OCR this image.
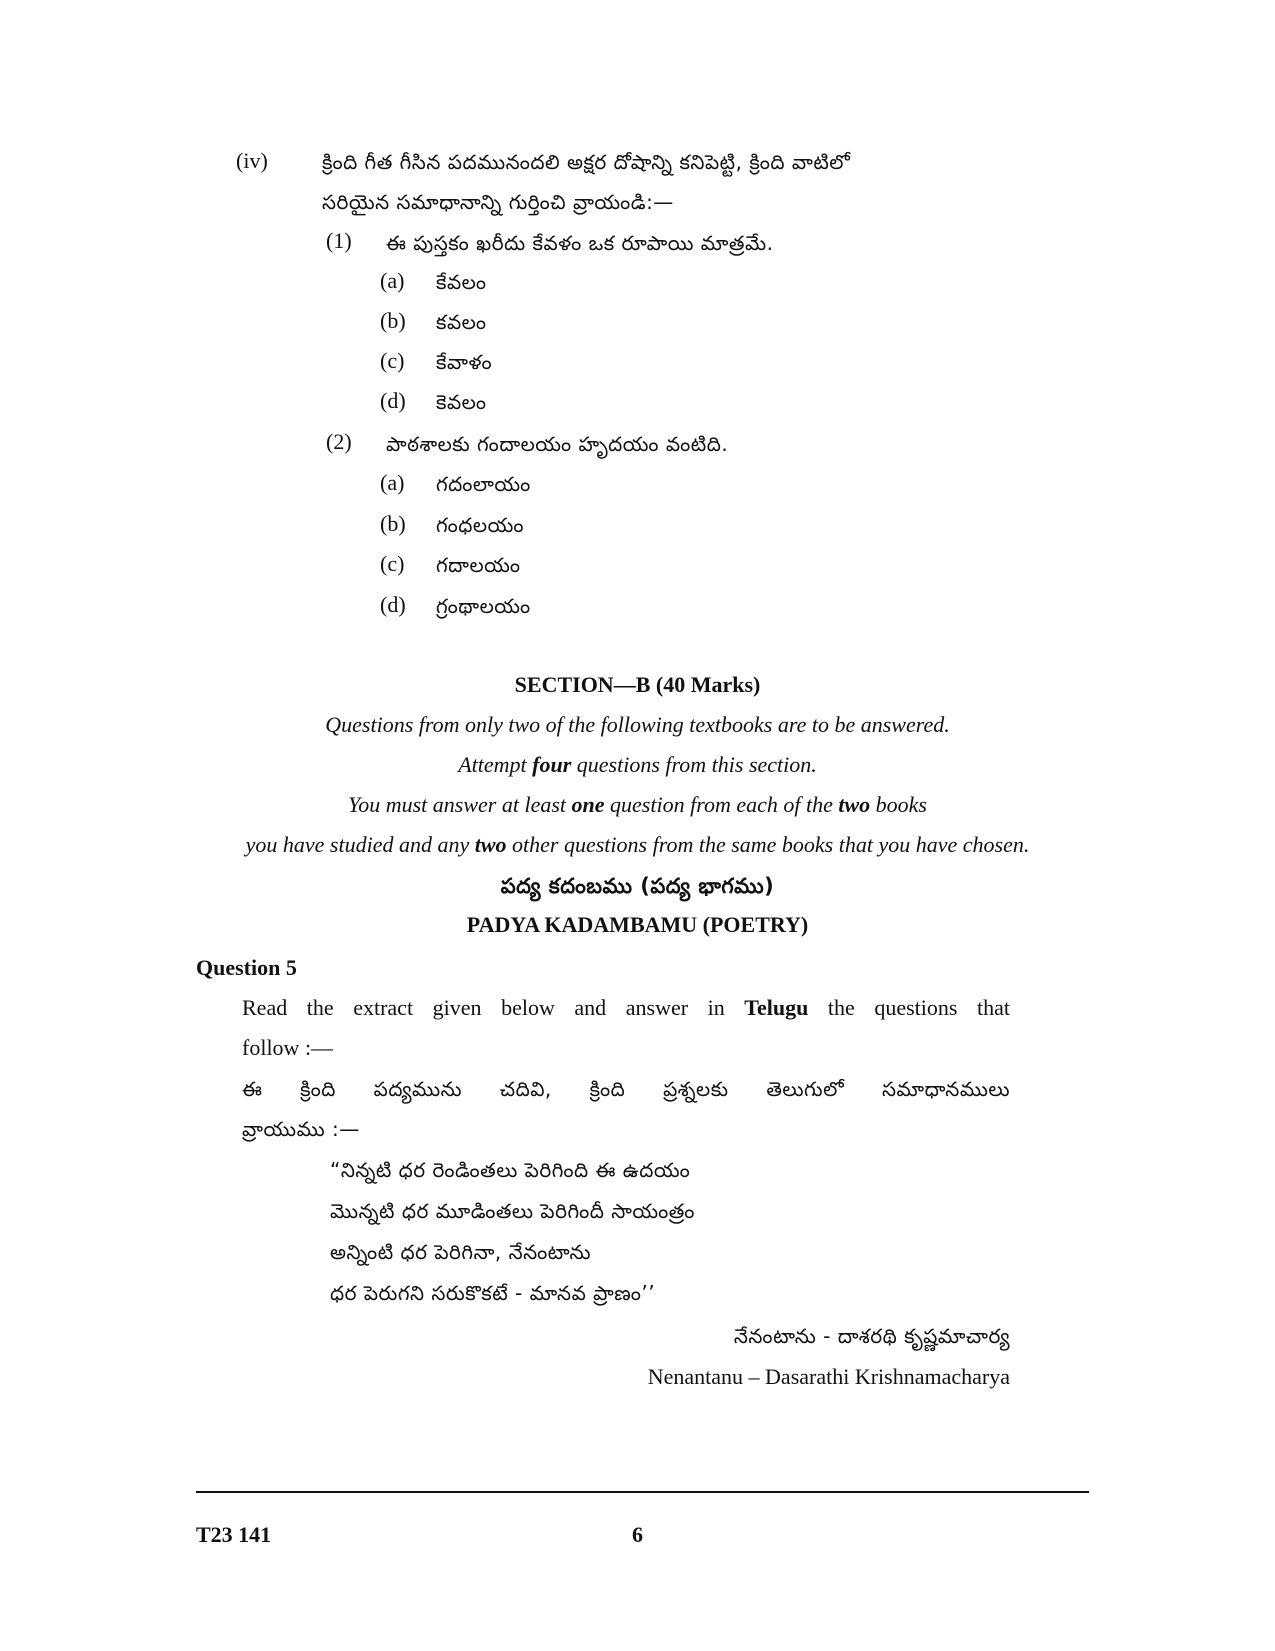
(iv)	క్రింది గీత గీసిన పదమునందలి అక్షర దోషాన్ని కనిపెట్టి, క్రింది వాటిలో
సరియైన సమాధానాన్ని గుర్తించి వ్రాయండి:—
(1) ఈ పుస్తకం ఖరీదు కేవళం ఒక రూపాయి మాత్రమే.
(a) కేవలం
(b) కవలం
(c) కేవాళం
(d) కెవలం
(2) పాఠశాలకు గందాలయం హృదయం వంటిది.
(a) గదంలాయం
(b) గంధలయం
(c) గదాలయం
(d) గ్రంథాలయం
SECTION—B (40 Marks)
Questions from only two of the following textbooks are to be answered.
Attempt four questions from this section.
You must answer at least one question from each of the two books
you have studied and any two other questions from the same books that you have chosen.
పద్య కదంబము (పద్య భాగము)
PADYA KADAMBAMU (POETRY)
Question 5
Read the extract given below and answer in Telugu the questions that
follow :—
ఈ క్రింది పద్యమును చదివి, క్రింది ప్రశ్నలకు తెలుగులో సమాధానములు
వ్రాయుము :—
“నిన్నటి ధర రెండింతలు పెరిగింది ఈ ఉదయం
మొన్నటి ధర మూడింతలు పెరిగిందీ సాయంత్రం
అన్నింటి ధర పెరిగినా, నేనంటాను
ధర పెరుగని సరుకొకటే - మానవ ప్రాణం’’
నేనంటాను - దాశరథి కృష్ణమాచార్య
Nenantanu – Dasarathi Krishnamacharya
T23 141	6
